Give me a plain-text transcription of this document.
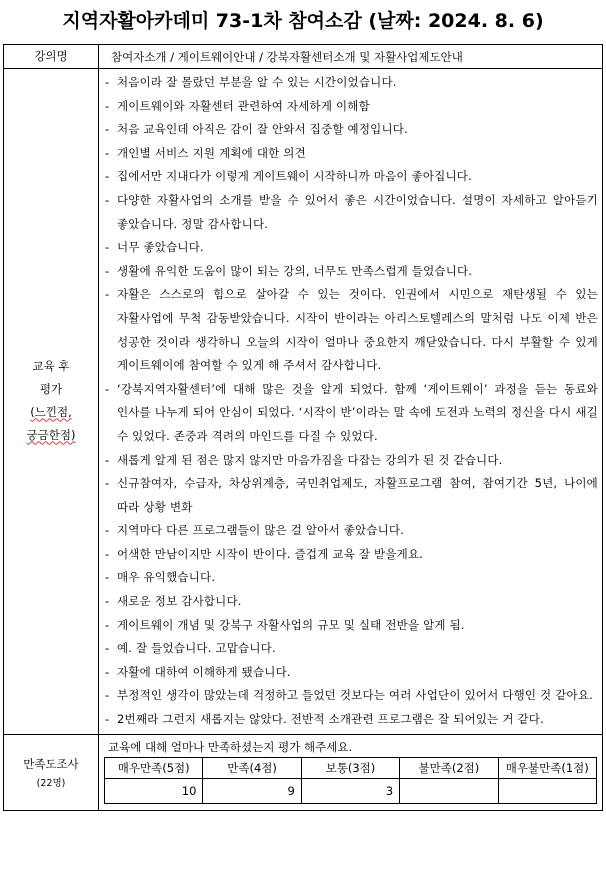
지역자활아카데미 73-1차 참여소감 (날짜: 2024. 8. 6)
강의명	참여자소개 / 게이트웨이안내 / 강북자활센터소개 및 자활사업제도안내

교육 후
평가
(느낀점,
궁금한점)

- 처음이라 잘 몰랐던 부분을 알 수 있는 시간이었습니다.
- 게이트웨이와 자활센터 관련하여 자세하게 이해함
- 처음 교육인데 아직은 감이 잘 안와서 집중할 예정입니다.
- 개인별 서비스 지원 계획에 대한 의견
- 집에서만 지내다가 이렇게 게이트웨이 시작하니까 마음이 좋아집니다.
- 다양한 자활사업의 소개를 받을 수 있어서 좋은 시간이었습니다. 설명이 자세하고 알아듣기 좋았습니다. 정말 감사합니다.
- 너무 좋았습니다.
- 생활에 유익한 도움이 많이 되는 강의, 너무도 만족스럽게 들었습니다.
- 자활은 스스로의 힘으로 살아갈 수 있는 것이다. 인권에서 시민으로 재탄생될 수 있는 자활사업에 무척 감동받았습니다. 시작이 반이라는 아리스토텔레스의 말처럼 나도 이제 반은 성공한 것이라 생각하니 오늘의 시작이 얼마나 중요한지 깨닫았습니다. 다시 부활할 수 있게 게이트웨이에 참여할 수 있게 해 주셔서 감사합니다.
- ‘강북지역자활센터’에 대해 많은 것을 알게 되었다. 함께 ‘게이트웨이’ 과정을 듣는 동료와 인사를 나누게 되어 안심이 되었다. ‘시작이 반’이라는 말 속에 도전과 노력의 정신을 다시 새길 수 있었다. 존중과 격려의 마인드를 다질 수 있었다.
- 새롭게 알게 된 점은 많지 않지만 마음가짐을 다잡는 강의가 된 것 같습니다.
- 신규참여자, 수급자, 차상위계층, 국민취업제도, 자활프로그램 참여, 참여기간 5년, 나이에 따라 상황 변화
- 지역마다 다른 프로그램들이 많은 걸 알아서 좋았습니다.
- 어색한 만남이지만 시작이 반이다. 즐겁게 교육 잘 받을게요.
- 매우 유익했습니다.
- 새로운 정보 감사합니다.
- 게이트웨이 개념 및 강북구 자활사업의 규모 및 실태 전반을 알게 됨.
- 예. 잘 들었습니다. 고맙습니다.
- 자활에 대하여 이해하게 됐습니다.
- 부정적인 생각이 많았는데 걱정하고 들었던 것보다는 여러 사업단이 있어서 다행인 것 같아요.
- 2번째라 그런지 새롭지는 않았다. 전반적 소개관련 프로그램은 잘 되어있는 거 같다.

만족도조사
(22명)

교육에 대해 얼마나 만족하셨는지 평가 해주세요.
매우만족(5점)	만족(4점)	보통(3점)	불만족(2점)	매우불만족(1점)
10	9	3		
